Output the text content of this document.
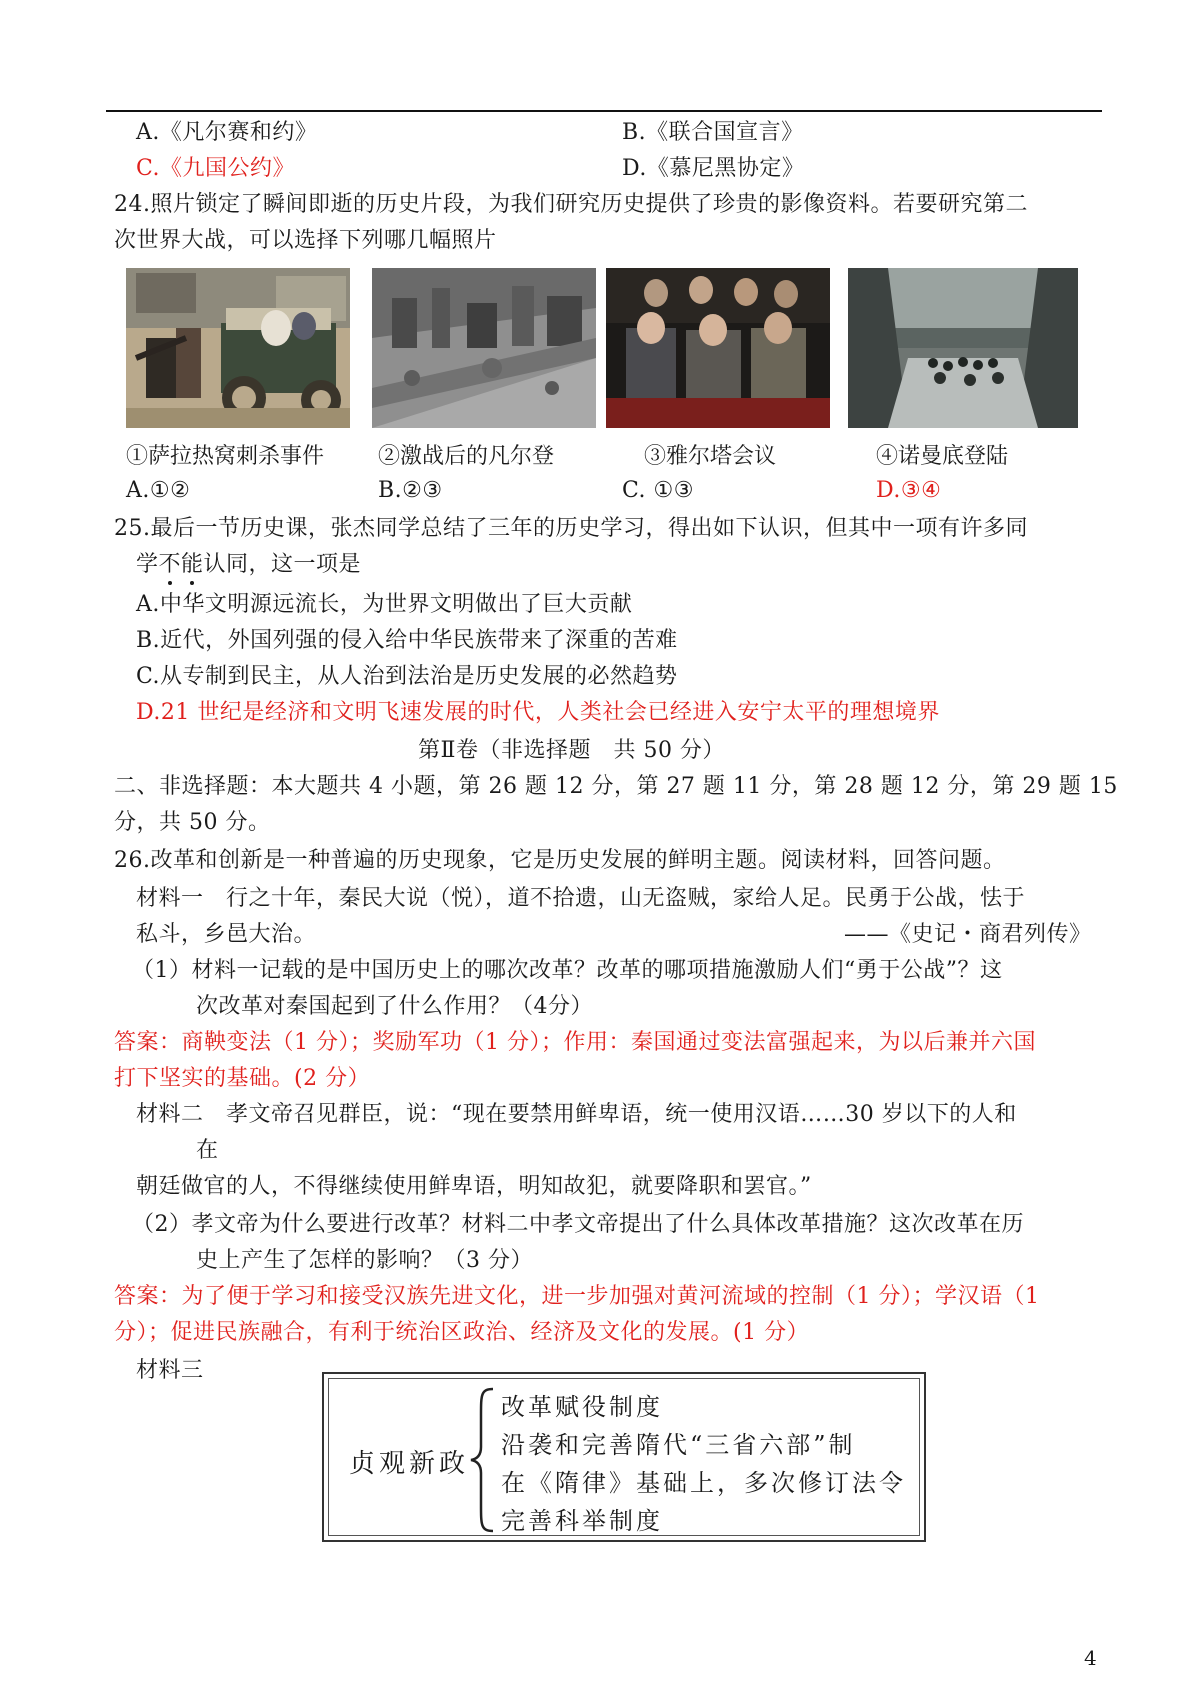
A.《凡尔赛和约》	B.《联合国宣言》
C.《九国公约》	D.《慕尼黑协定》
24.照片锁定了瞬间即逝的历史片段，为我们研究历史提供了珍贵的影像资料。若要研究第二
次世界大战，可以选择下列哪几幅照片
①萨拉热窝刺杀事件 ②激战后的凡尔登	③雅尔塔会议	④诺曼底登陆
A.①②	B.②③	C. ①③	D.③④
25.最后一节历史课，张杰同学总结了三年的历史学习，得出如下认识，但其中一项有许多同
学不能认同，这一项是
A.中华文明源远流长，为世界文明做出了巨大贡献
B.近代，外国列强的侵入给中华民族带来了深重的苦难
C.从专制到民主，从人治到法治是历史发展的必然趋势
D.21 世纪是经济和文明飞速发展的时代，人类社会已经进入安宁太平的理想境界
第Ⅱ卷（非选择题　共 50 分）
二、非选择题：本大题共 4 小题，第 26 题 12 分，第 27 题 11 分，第 28 题 12 分，第 29 题 15
分，共 50 分。
26.改革和创新是一种普遍的历史现象，它是历史发展的鲜明主题。阅读材料，回答问题。
材料一　行之十年，秦民大说（悦），道不拾遗，山无盗贼，家给人足。民勇于公战，怯于
私斗，乡邑大治。	——《史记・商君列传》
（1）材料一记载的是中国历史上的哪次改革？改革的哪项措施激励人们“勇于公战”？这
次改革对秦国起到了什么作用？（4分）
答案：商鞅变法（1 分）；奖励军功（1 分）；作用：秦国通过变法富强起来，为以后兼并六国
打下坚实的基础。(2 分）
材料二　孝文帝召见群臣，说：“现在要禁用鲜卑语，统一使用汉语……30 岁以下的人和
在
朝廷做官的人，不得继续使用鲜卑语，明知故犯，就要降职和罢官。”
（2）孝文帝为什么要进行改革？材料二中孝文帝提出了什么具体改革措施？这次改革在历
史上产生了怎样的影响？（3 分）
答案：为了便于学习和接受汉族先进文化，进一步加强对黄河流域的控制（1 分）；学汉语（1
分）；促进民族融合，有利于统治区政治、经济及文化的发展。(1 分）
材料三
贞观新政
改革赋役制度
沿袭和完善隋代“三省六部”制
在《隋律》基础上，多次修订法令
完善科举制度
4
